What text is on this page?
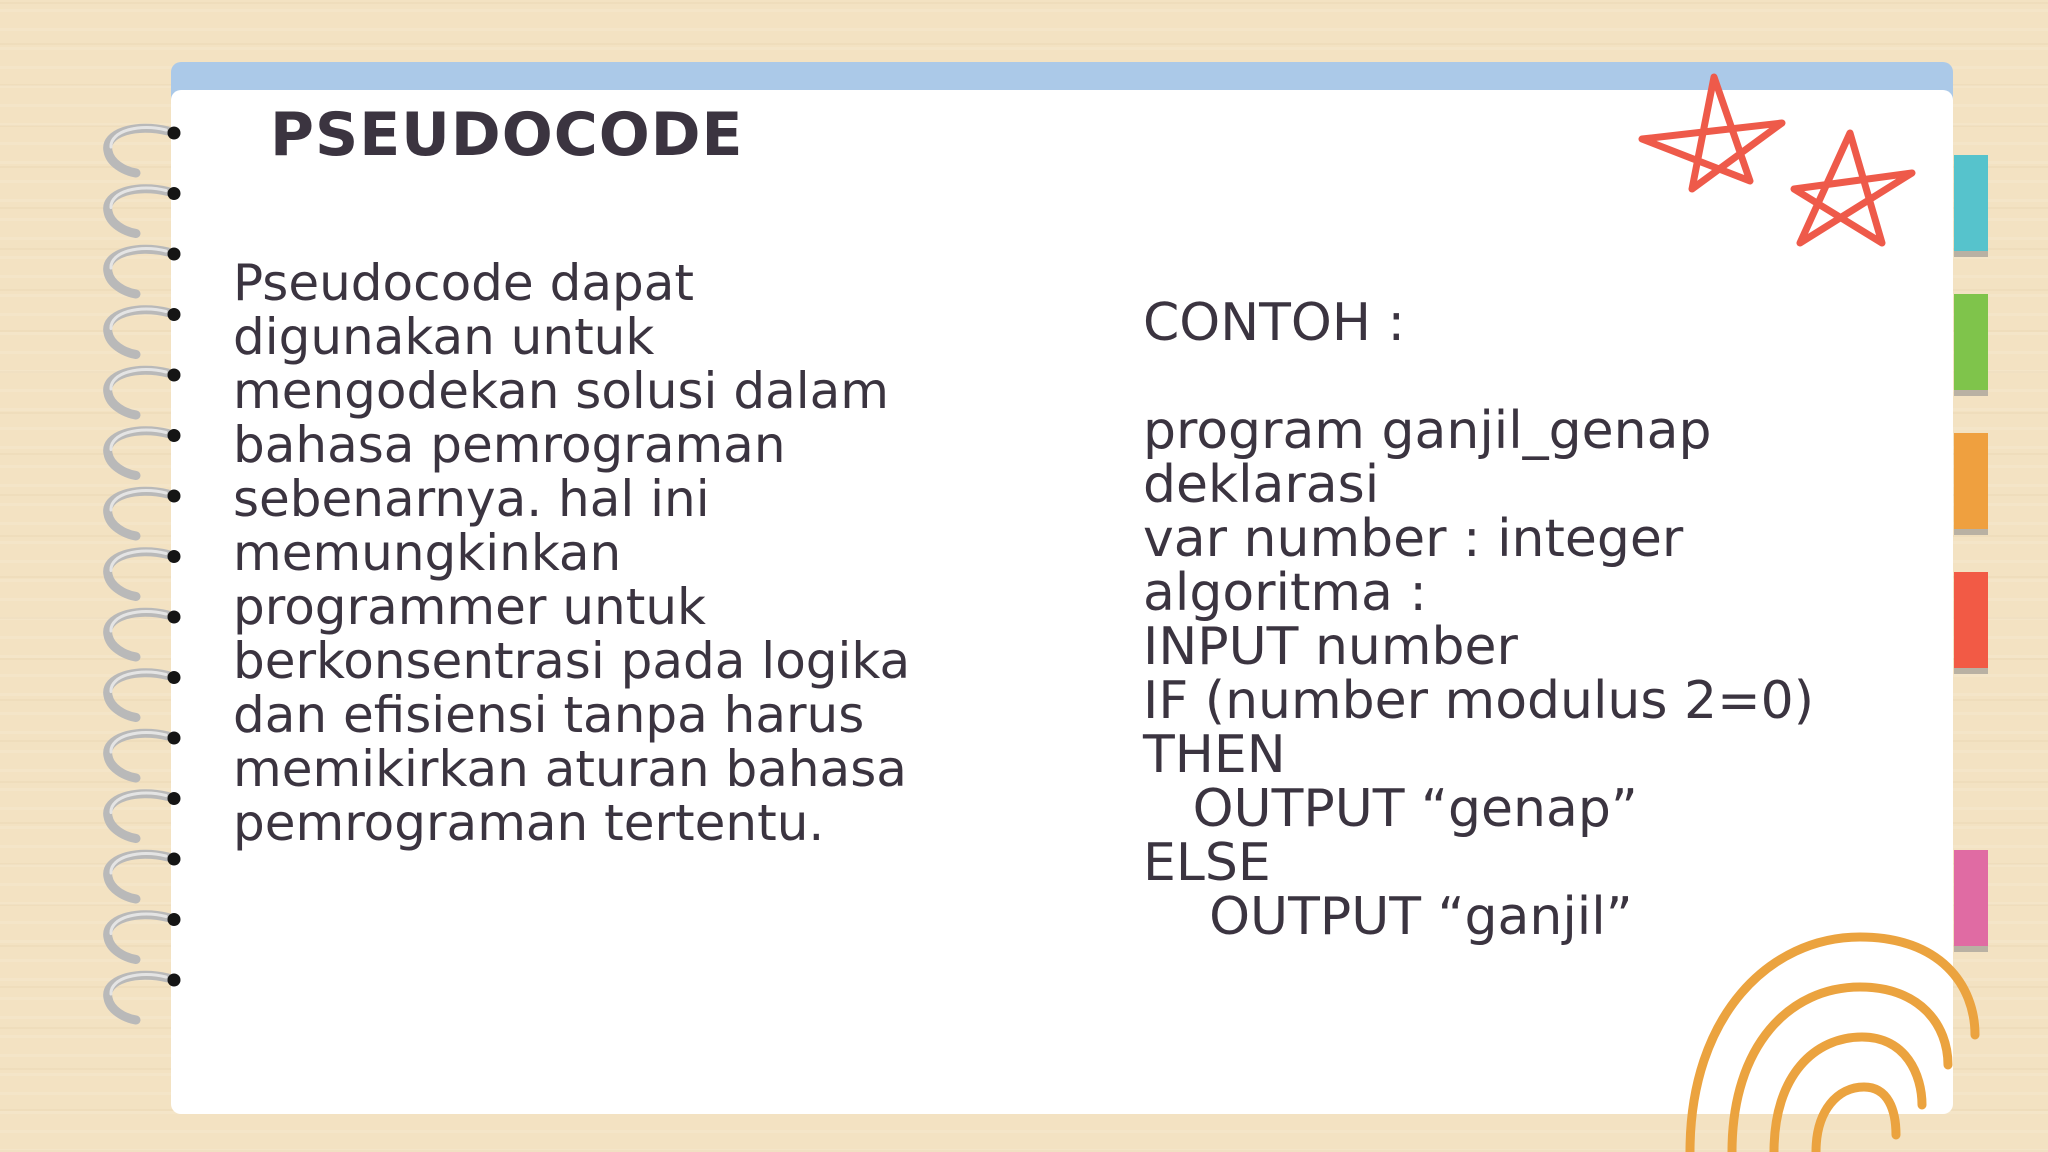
PSEUDOCODE

Pseudocode dapat
digunakan untuk
mengodekan solusi dalam
bahasa pemrograman
sebenarnya. hal ini
memungkinkan
programmer untuk
berkonsentrasi pada logika
dan efisiensi tanpa harus
memikirkan aturan bahasa
pemrograman tertentu.

CONTOH :

program ganjil_genap
deklarasi
var number : integer
algoritma :
INPUT number
IF (number modulus 2=0)
THEN
OUTPUT “genap”
ELSE
OUTPUT “ganjil”
